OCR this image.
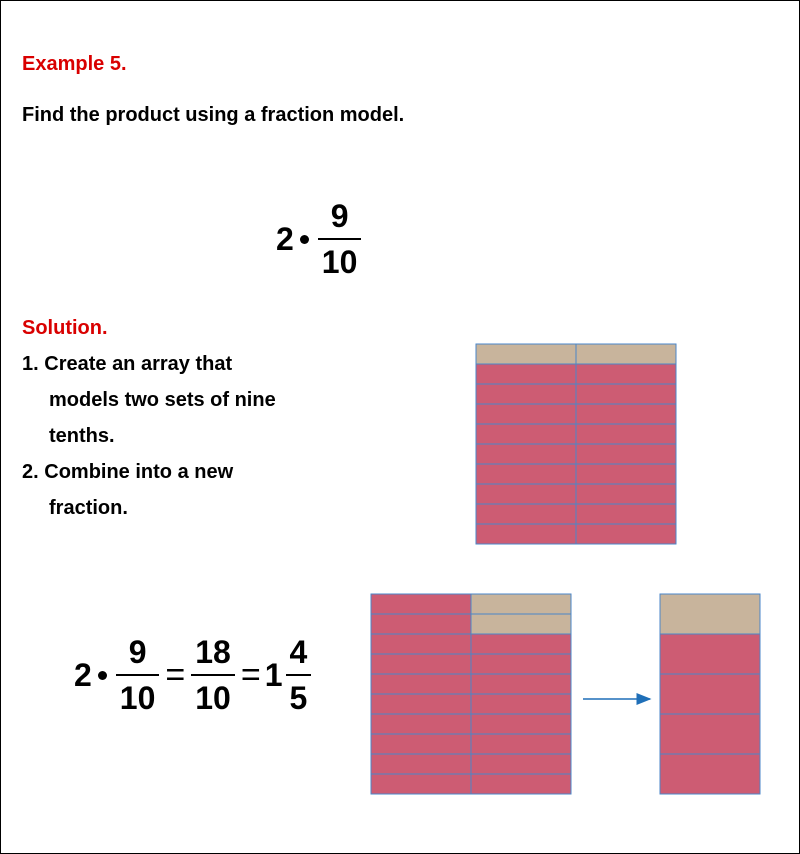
Example 5.

Find the product using a fraction model.

$2 \frac{9}{10}$

Solution.

1. Create an array that
models two sets of nine
tenths.
2. Combine into a new
fraction.
$2 \frac{9}{10} = \frac{18}{10} = 1 \frac{4}{5}$
